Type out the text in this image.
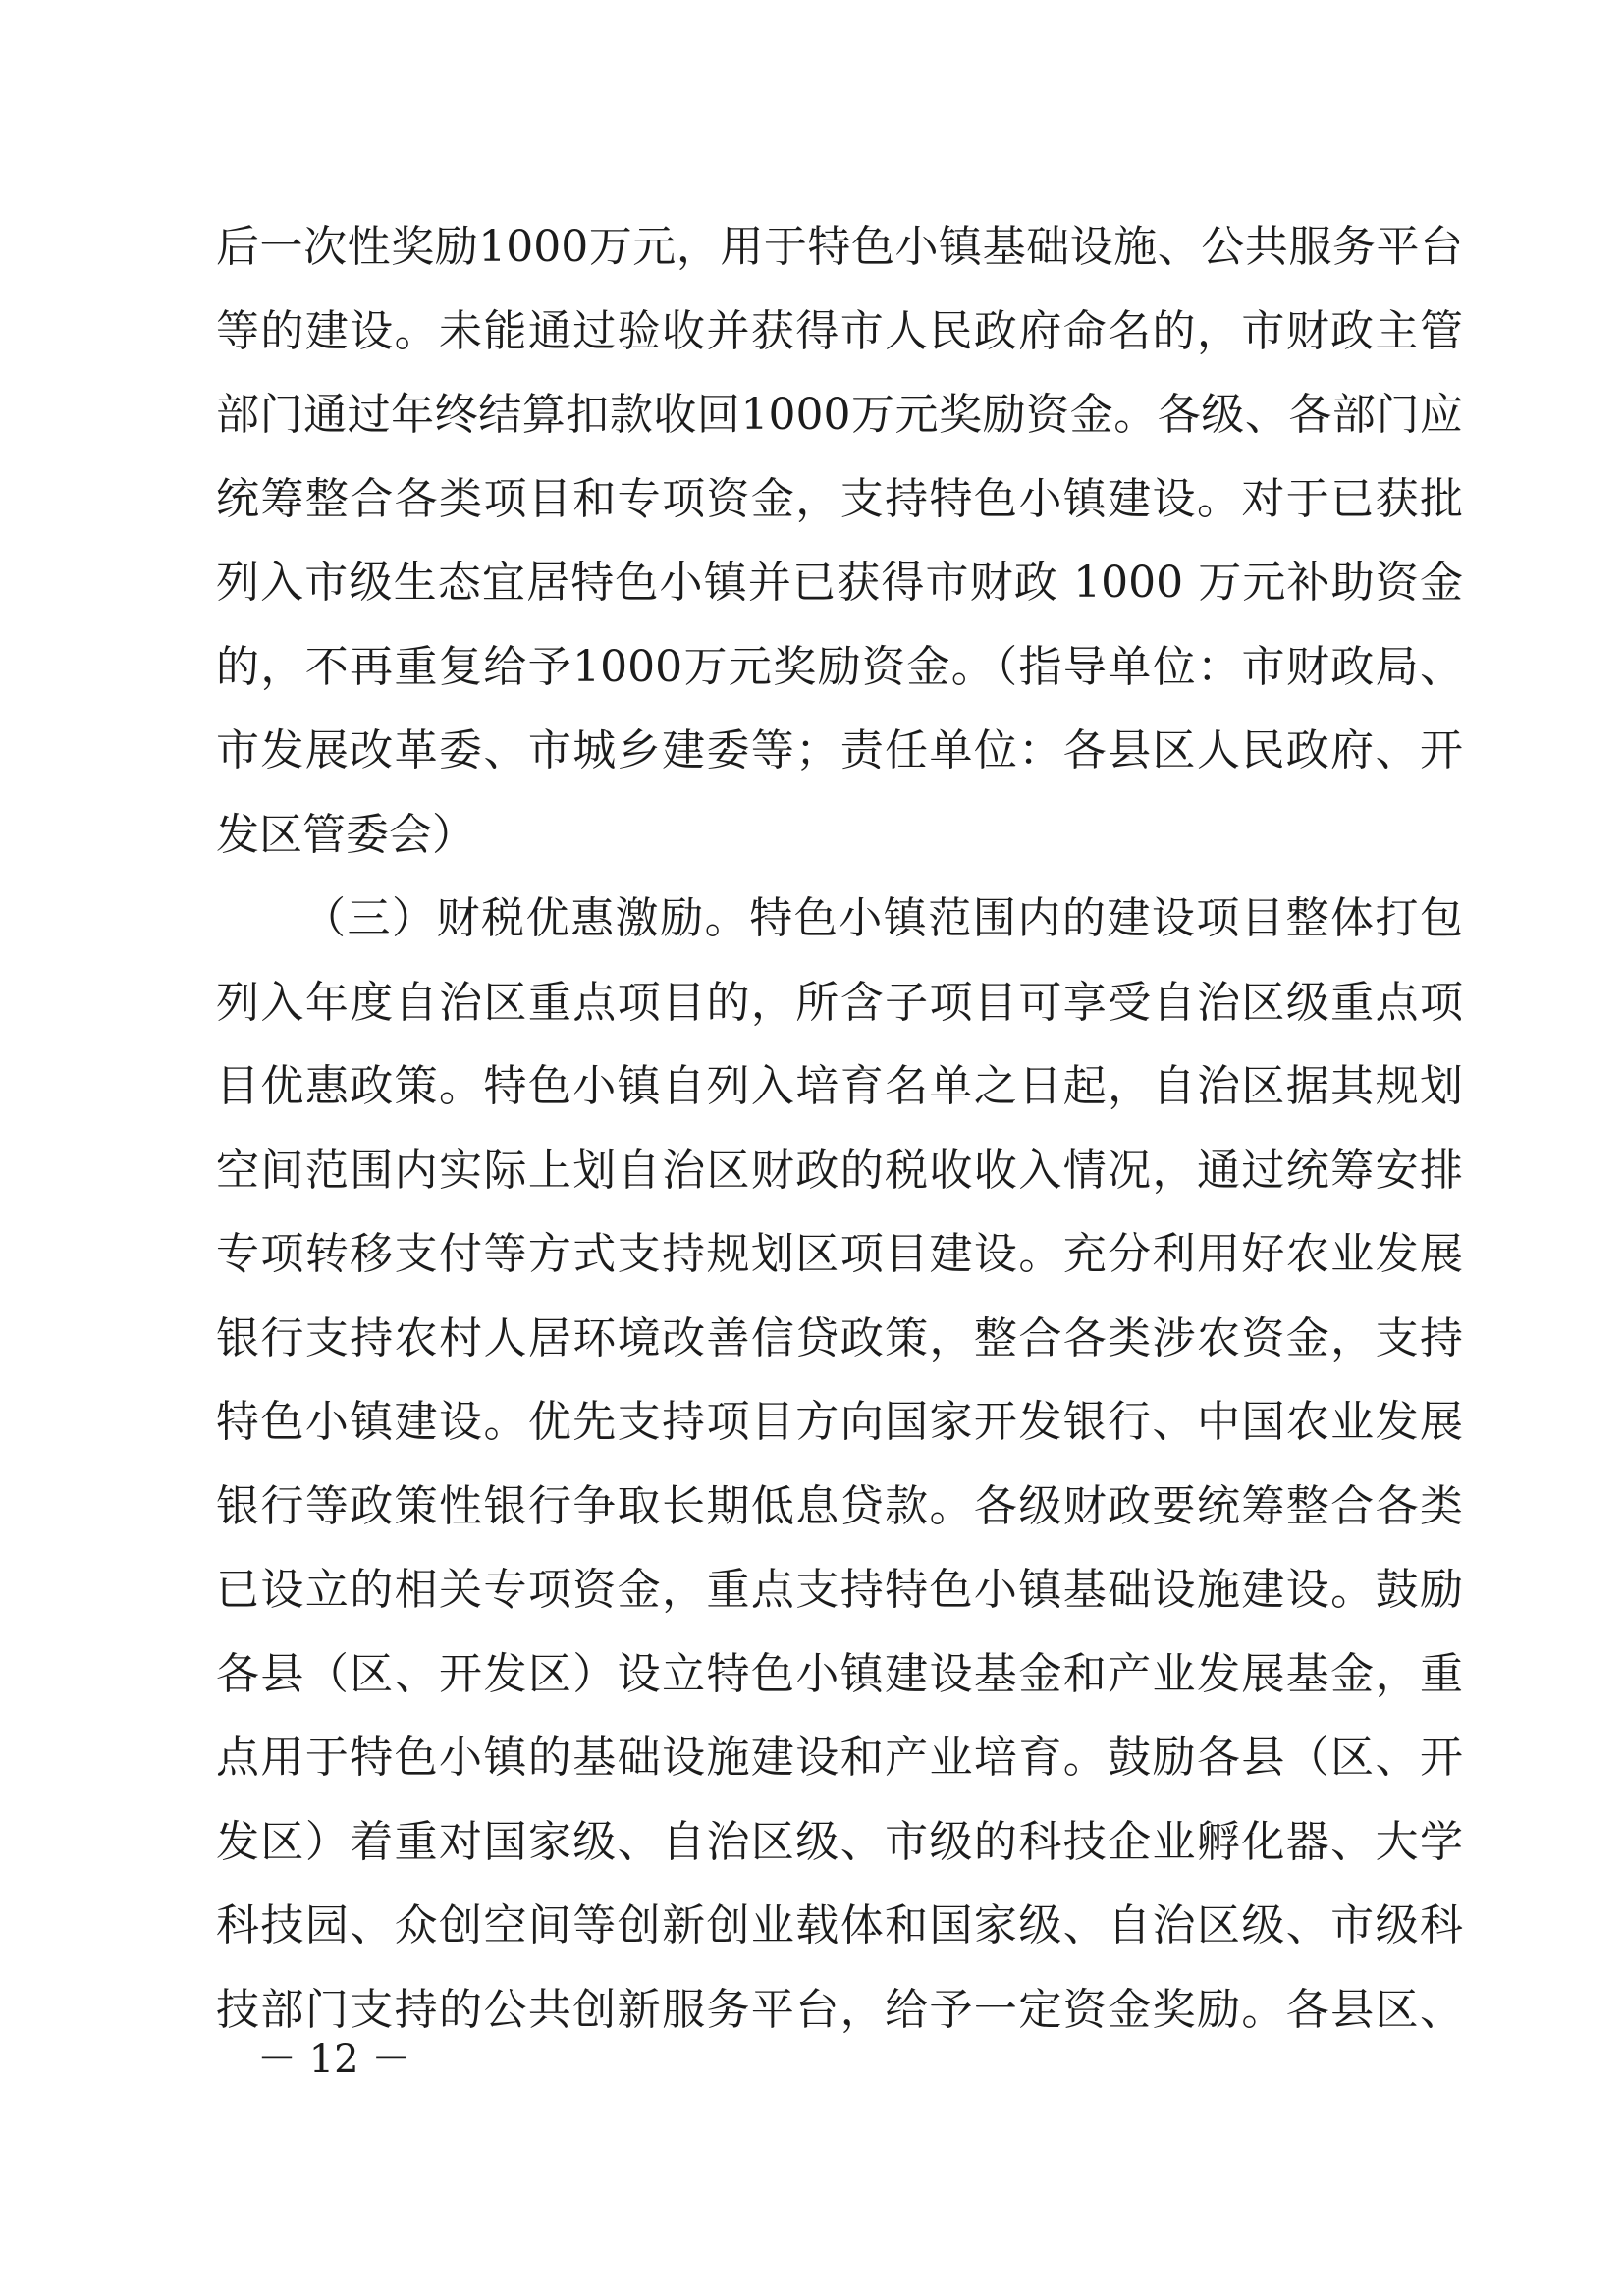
后一次性奖励1000万元，用于特色小镇基础设施、公共服务平台
等的建设。未能通过验收并获得市人民政府命名的，市财政主管
部门通过年终结算扣款收回1000万元奖励资金。各级、各部门应
统筹整合各类项目和专项资金，支持特色小镇建设。对于已获批
列入市级生态宜居特色小镇并已获得市财政 1000 万元补助资金
的，不再重复给予1000万元奖励资金。（指导单位：市财政局、
市发展改革委、市城乡建委等；责任单位：各县区人民政府、开
发区管委会）
（三）财税优惠激励。特色小镇范围内的建设项目整体打包
列入年度自治区重点项目的，所含子项目可享受自治区级重点项
目优惠政策。特色小镇自列入培育名单之日起，自治区据其规划
空间范围内实际上划自治区财政的税收收入情况，通过统筹安排
专项转移支付等方式支持规划区项目建设。充分利用好农业发展
银行支持农村人居环境改善信贷政策，整合各类涉农资金，支持
特色小镇建设。优先支持项目方向国家开发银行、中国农业发展
银行等政策性银行争取长期低息贷款。各级财政要统筹整合各类
已设立的相关专项资金，重点支持特色小镇基础设施建设。鼓励
各县（区、开发区）设立特色小镇建设基金和产业发展基金，重
点用于特色小镇的基础设施建设和产业培育。鼓励各县（区、开
发区）着重对国家级、自治区级、市级的科技企业孵化器、大学
科技园、众创空间等创新创业载体和国家级、自治区级、市级科
技部门支持的公共创新服务平台，给予一定资金奖励。各县区、
－ 12 －
